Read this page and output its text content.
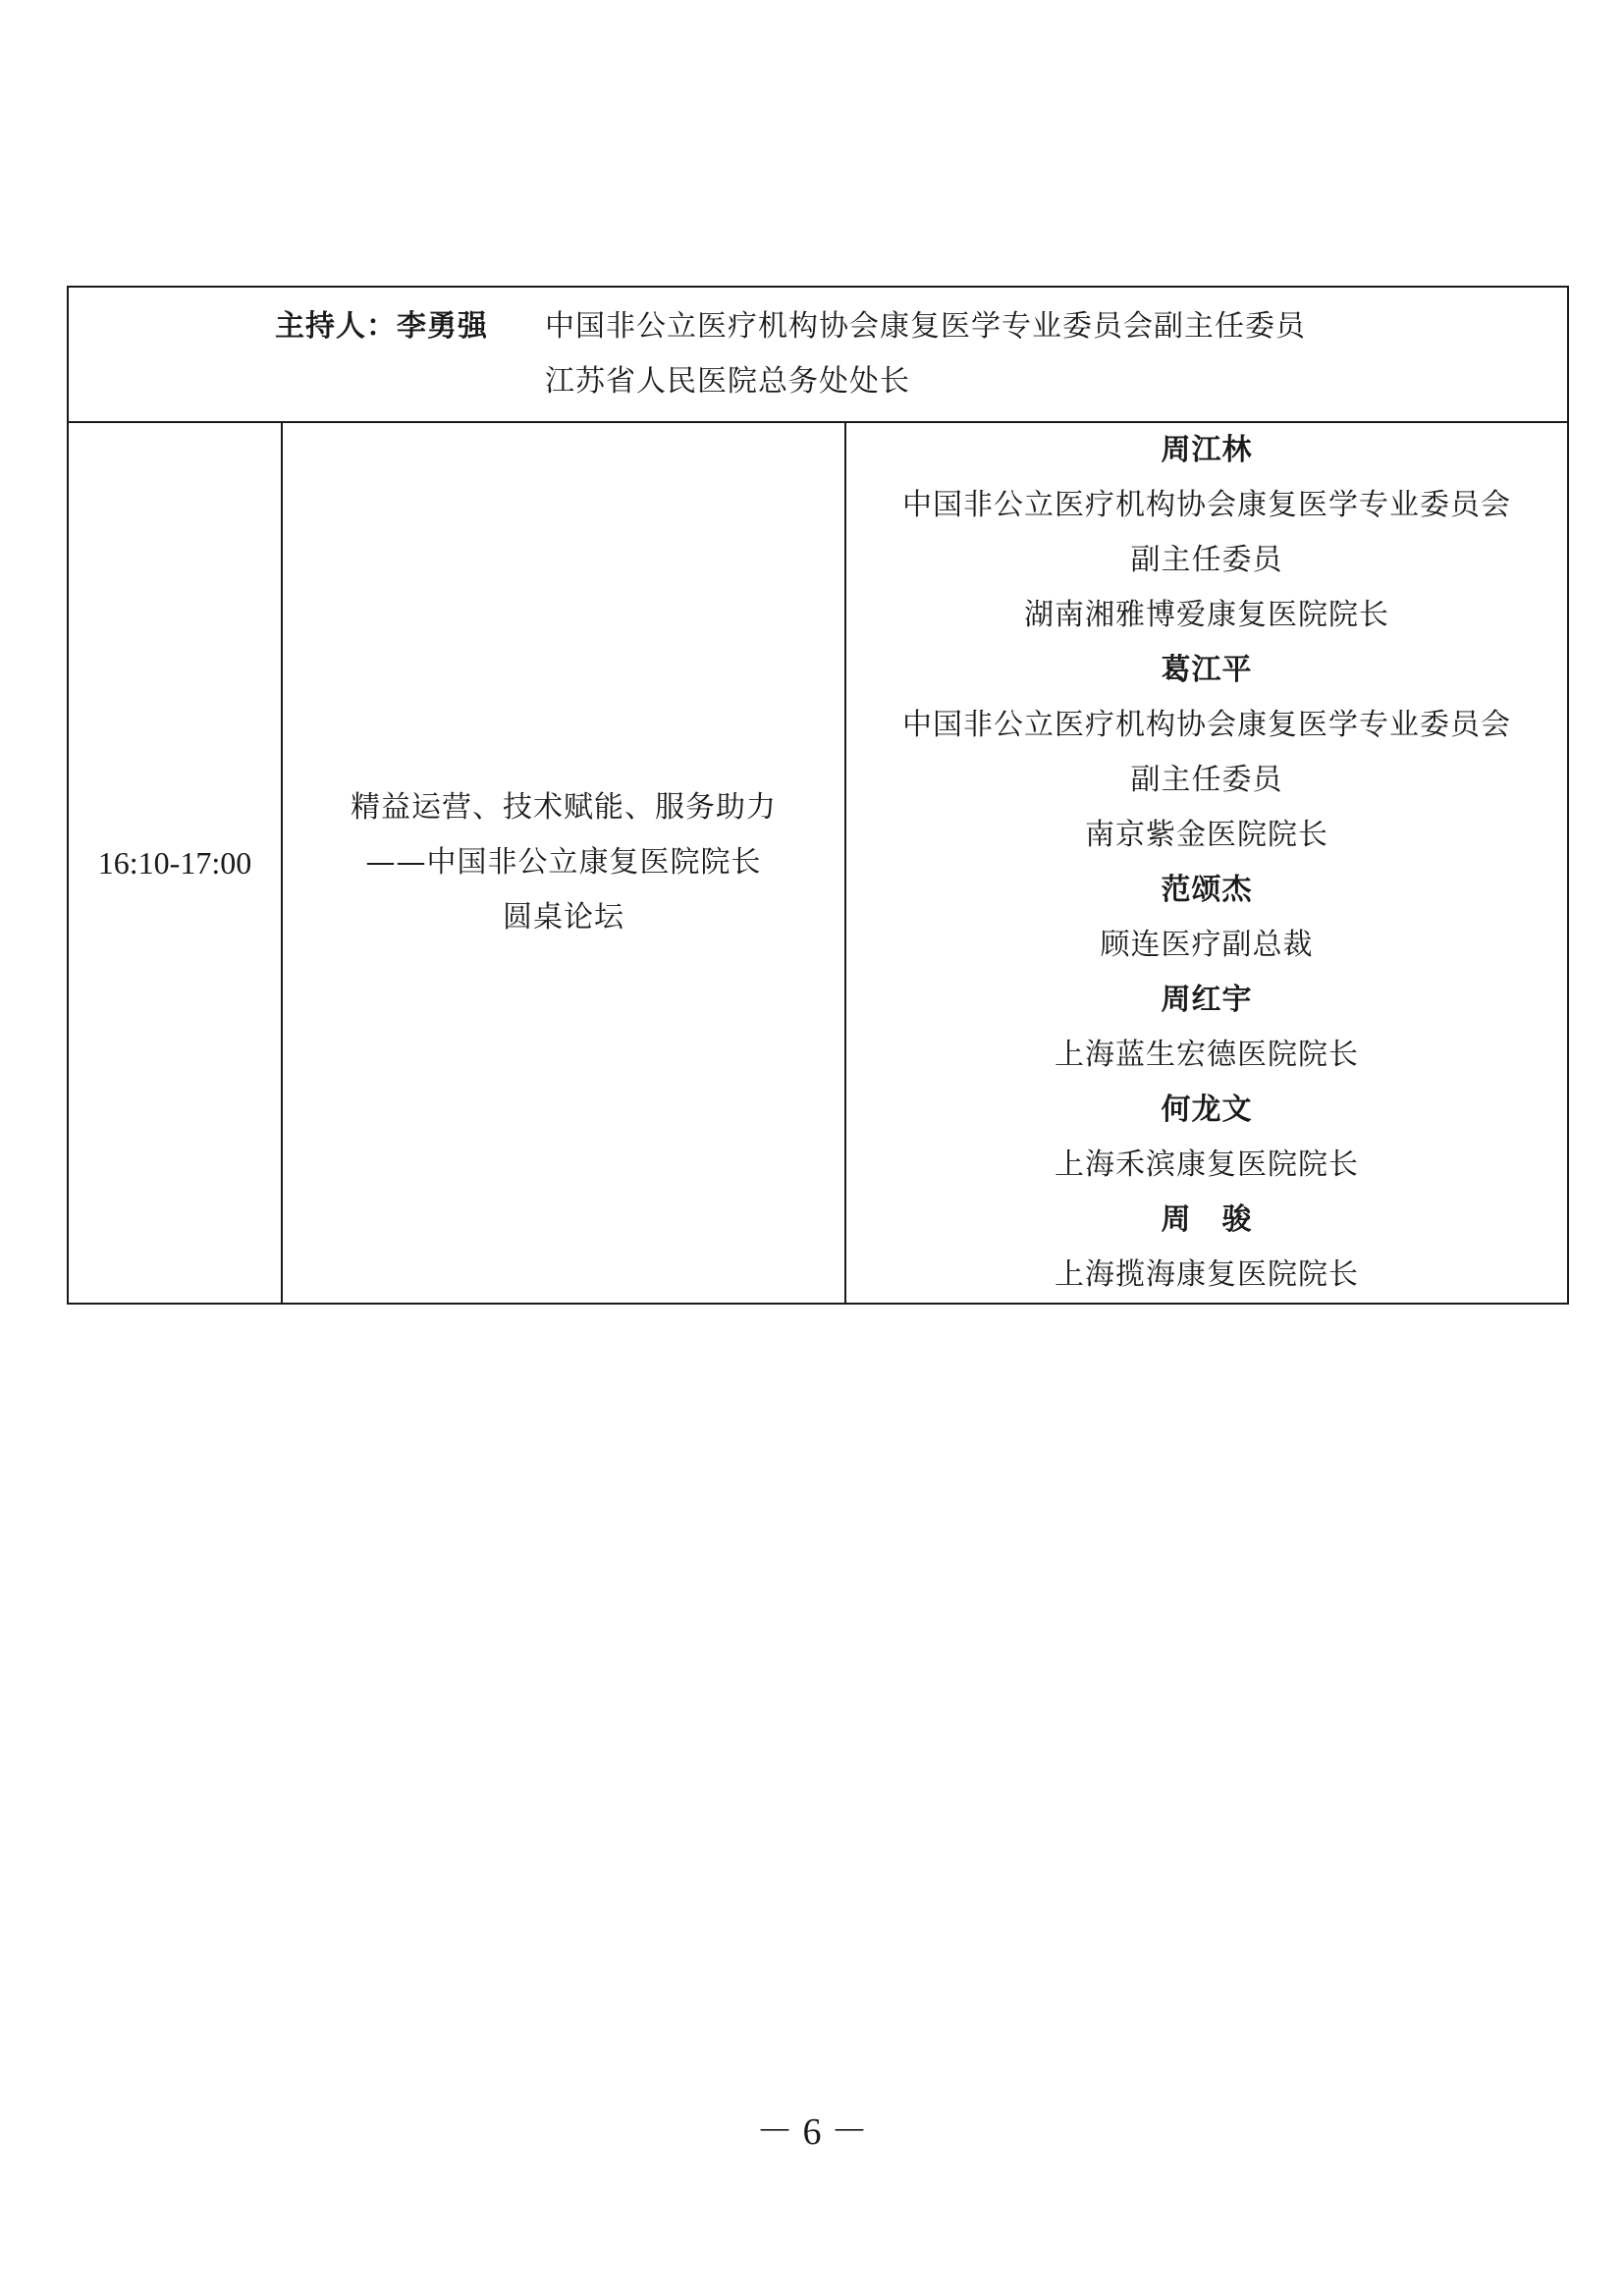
主持人：李勇强 中国非公立医疗机构协会康复医学专业委员会副主任委员
江苏省人民医院总务处处长

16:10-17:00	
精益运营、技术赋能、服务助力
——中国非公立康复医院院长
圆桌论坛

周江林
中国非公立医疗机构协会康复医学专业委员会
副主任委员
湖南湘雅博爱康复医院院长
葛江平
中国非公立医疗机构协会康复医学专业委员会
副主任委员
南京紫金医院院长
范颂杰
顾连医疗副总裁
周红宇
上海蓝生宏德医院院长
何龙文
上海禾滨康复医院院长
周　骏
上海揽海康复医院院长
－ 6 －
